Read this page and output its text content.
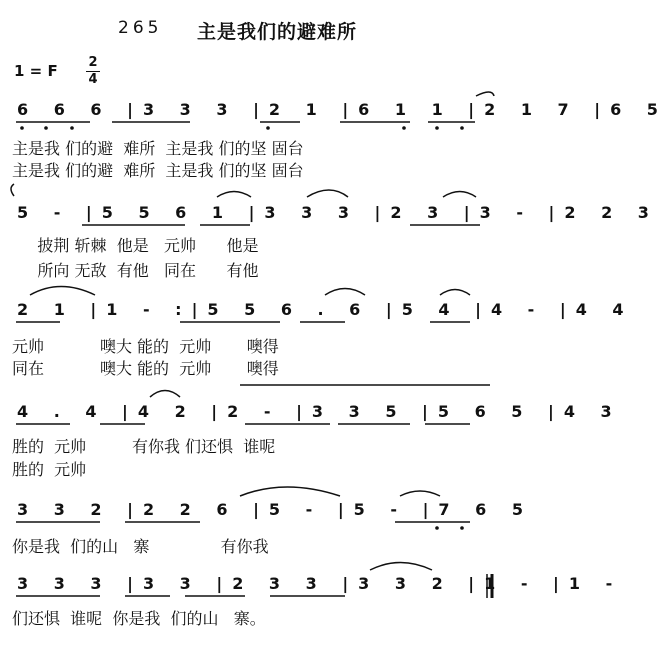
265 主是我们的避难所
1 = F 2
4
6 6 6 |3 3 3 |2 1 |6 1 1 |2 1 7 |6 5
主是我 们的避  难所  主是我 们的坚 固台
主是我 们的避  难所  主是我 们的坚 固台
5 - |5 5 6 1 |3 3 3 |2 3 |3 - |2 2 3
披荆 斩棘  他是   元帅      他是
所向 无敌  有他   同在      有他
2 1 |1 - :|5 5 6 . 6 |5 4 |4 - |4 4
元帅           噢大 能的  元帅       噢得
同在           噢大 能的  元帅       噢得
4 . 4 |4 2 |2 - |3 3 5 |5 6 5 |4 3
胜的  元帅         有你我 们还惧  谁呢
胜的  元帅
3 3 2 |2 2 6 |5 - |5 - |7 6 5
你是我  们的山   寨              有你我
3 3 3 |3 3 |2 3 3 |3 3 2 |1 - |1 -
们还惧  谁呢  你是我  们的山   寨。
